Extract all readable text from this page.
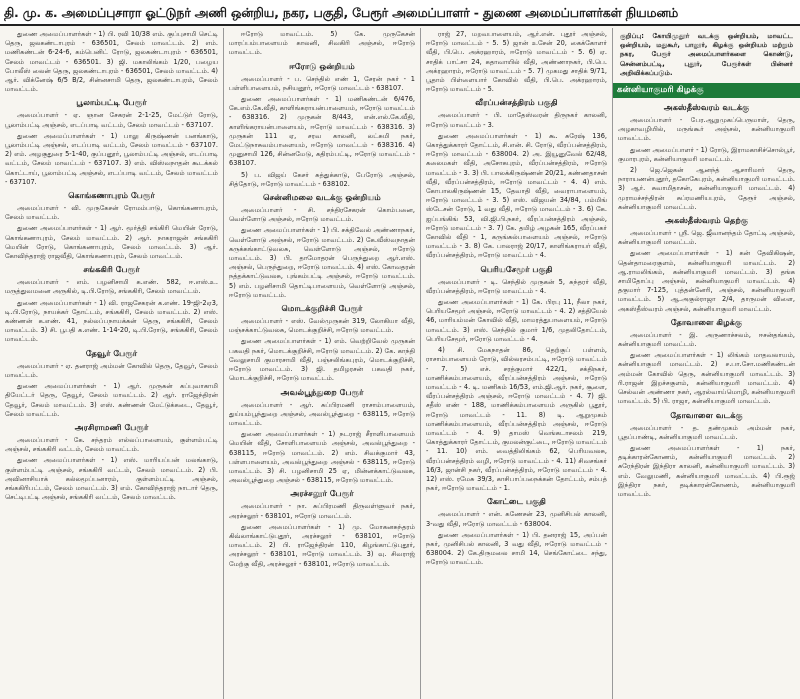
தி. மு. க. அமைப்புசாரா ஓட்டுநர் அணி ஒன்றிய, நகர, பகுதி, பேரூர் அமைப்பாளர் - துணை அமைப்பாளர்கள் நியமனம்
துணை அமைப்பாளர்கள் - 1) பி. ரவி 10/38 எம். குப்புசாமி செட்டி தெரு, ஜலகண்டாபுரம் - 636501, சேலம் மாவட்டம். 2) எம். மணிகண்டன் 6-24-6, கம்பெனிட் ரோடு, ஜலகண்டாபுரம் - 636501, சேலம் மாவட்டம் - 636501. 3) ஜி. மகாலிங்கம் 1/20, பழைய போலீஸ் லைன் தெரு, ஜலகண்டாபுரம் - 636501, சேலம் மாவட்டம். 4) ஆர். விக்னேஷ் 6/5 B/2, சின்னசாமி தெரு, ஜலகண்டாபுரம், சேலம் மாவட்டம்.
பூலாம்பட்டி பேரூர்
அமைப்பாளர் - ஏ. ஞான சேகரன் 2-1-25, மேட்டுர் ரோடு, பூலாம்பட்டி அஞ்சல், எடப்பாடி வட்டம், சேலம் மாவட்டம் - 637107.
துணை அமைப்பாளர்கள் - 1) பாலு கிருஷ்ணன் பனங்காடு, பூலாம்பட்டி அஞ்சல், எடப்பாடி வட்டம், சேலம் மாவட்டம் - 637107. 2) எம். அழகுதுரை 5-1-40, குப்பனூர், பூலாம்பட்டி அஞ்சல், எடப்பாடி வட்டம், சேலம் மாவட்டம் - 637107. 3) எம். விஸ்வநாதன் கூடக்கல் கொட்டாய், பூலாம்பட்டி அஞ்சல், எடப்பாடி வட்டம், சேலம் மாவட்டம் - 637107.
கொங்கணாபுரம் பேரூர்
அமைப்பாளர் - வி. முருகேசன் ரோமம்பாடு, கொங்கணாபுரம், சேலம் மாவட்டம்.
துணை அமைப்பாளர்கள் - 1) ஆர். மூர்த்தி சங்கிரி மெயின் ரோடு, கொங்கணாபுரம், சேலம் மாவட்டம். 2) ஆர். நாகராஜன் சங்ககிரி மெயின் ரோடு, கொங்கணாபுரம், சேலம் மாவட்டம். 3) ஆர். கோவிந்தராஜ் ராஜவீதி, கொங்கணாபுரம், சேலம் மாவட்டம்.
சங்ககிரி பேரூர்
அமைப்பாளர் - எம். பழனிசாமி க.எண். 582, ஈ.எஸ்.உ. மருத்துவமனை அருகில், டி.பி.ரோடு, சங்ககிரி, சேலம் மாவட்டம்.
துணை அமைப்பாளர்கள் - 1) வி. ராஜசேகரன் க.எண். 19-ஜி-2ஏ3, டி.பி.ரோடு, நாயக்கர் தோட்டம், சங்ககிரி, சேலம் மாவட்டம். 2) எஸ். கண்ணன் க.எண். 41, நல்லப்பநாயக்கன் தெரு, சங்ககிரி, சேலம் மாவட்டம். 3) சி. பூபதி க.எண். 1-14-20, டி.பி.ரோடு, சங்ககிரி, சேலம் மாவட்டம்.
தேவூர் பேரூர்
அமைப்பாளர் - ஏ. தனராஜ் அம்மன் கோவில் தெரு, தேவூர், சேலம் மாவட்டம்.
துணை அமைப்பாளர்கள் - 1) ஆர். முருகன் கப்புவாகாமி தியேட்டர் தெரு, தேவூர், சேலம் மாவட்டம். 2) ஆர். ராஜேந்திரன் தேவூர், சேலம் மாவட்டம். 3) எஸ். கண்ணன் மேட்டுக்கடை, தேவூர், சேலம் மாவட்டம்.
அரசிராமணி பேரூர்
அமைப்பாளர் - கே. சந்தரம் எல்லப்பாளையம், குள்ளம்பட்டி அஞ்சல், சங்ககிரி வட்டம், சேலம் மாவட்டம்.
துணை அமைப்பாளர்கள் - 1) எஸ். மாரியப்பன் மலங்காடு, குள்ளம்பட்டி அஞ்சல், சங்ககிரி வட்டம், சேலம் மாவட்டம். 2) பி. அவினாசியாக் கல்லமூப்பனாரம், குள்ளம்பட்டி அஞ்சல், சங்ககிரிபட்டம், சேலம் மாவட்டம். 3) எம். கோவிந்தராஜ் நாடார் தெரு, செட்டிபட்டி அஞ்சல், சங்ககிரி வட்டம், சேலம் மாவட்டம்.
ஈரோடு மாவட்டம். 5) கே. முருகேசன் மாரப்பம்பாளையம் காலனி, சிவகிரி அஞ்சல், ஈரோடு மாவட்டம்.
ஈரோடு ஒன்றியம்
அமைப்பாளர் - ப. செந்தில் எண் 1, சேரன் நகர் - 1 பள்ளிபாளையம், நசியனூர், ஈரோடு மாவட்டம் - 638107.
துணை அமைப்பாளர்கள் - 1) மணிகண்டன் 6/476, கே.எம்.கே.வீதி, காளிங்கராயன்பாளையம், ஈரோடு மாவட்டம் - 638316. 2) முருகன் 8/443, என்.எல்.கே.வீதி, காளிங்கராயன்பாளையம், ஈரோடு மாவட்டம் - 638316. 3) முருகன் 111 ஏ, சரவ காலனி, லட்சுமி நகர், மேட்டுநாசுவம்பாளையம், ஈரோடு மாவட்டம் - 638316. 4) முனுசாமி 126, சின்னமேடு, கதிரம்பட்டி, ஈரோடு மாவட்டம் - 638107.
5) ப. விஜய் கேசர் சுத்துக்காடு, பேரோடு அஞ்சல், சித்தோடு, ஈரோடு மாவட்டம் - 638102.
சென்னிமலை வடக்கு ஒன்றியம்
அமைப்பாளர் - சி. சந்திரசேகரன் கொம்பனை, வெள்ளோடு அஞ்சல், ஈரோடு மாவட்டம்.
துணை அமைப்பாளர்கள் - 1) பி. சக்திவேல் அண்ணாநகர், வெள்ளோடு அஞ்சல், ஈரோடு மாவட்டம். 2) கே.வீஸ்வநாதன் கருக்கங்காட்டுவலசு, வெள்ளோடு அஞ்சல், ஈரோடு மாவட்டம். 3) பி. தாமோதரன் பெருந்துறை ஆர்.எஸ். அஞ்சல், பெருந்துறை, ஈரோடு மாவட்டம். 4) எஸ். கோவதரன் நத்தக்காட்டுவலசு, புங்கம்பட்டி அஞ்சல், ஈரோடு மாவட்டம். 5) எம். பழனிசாமி தொட்டிபாளையம், வெள்ளோடு அஞ்சல், ஈரோடு மாவட்டம்.
மொடக்குறிச்சி பேரூர்
அமைப்பாளர் - எஸ். வேல்முருகன் 319, லோகியா வீதி, மஞ்சக்காட்டுவலசு, மொடக்குறிச்சி, ஈரோடு மாவட்டம்.
துணை அமைப்பாளர்கள் - 1) எம். வெற்றிவேல் முருகன் பகவதி நகர், மொடக்குறிச்சி, ஈரோடு மாவட்டம். 2) கே. காந்தி வேலுசாமி குமாரசாமி வீதி, பஞ்சலிங்கபுரம், மொடக்குறிச்சி, ஈரோடு மாவட்டம். 3) ஜி. தமிழரசன் பகவதி நகர், மொடக்குறிச்சி, ஈரோடு மாவட்டம்.
அவல்பூந்துறை பேரூர்
அமைப்பாளர் - ஆர். சுப்பிரமணி ராசாம்பாளையம், துய்யம்பூந்துறை அஞ்சல், அவல்பூந்துறை - 638115, ஈரோடு மாவட்டம்.
துணை அமைப்பாளர்கள் - 1) நடராஜ் சீராளிபாளையம் மெயின் வீதி, சோளிபாளையம் அஞ்சல், அவல்பூந்துறை - 638115, ஈரோடு மாவட்டம். 2) எம். சிவக்குமார் 43, பள்ளபாளையம், அவல்பூந்துறை அஞ்சல் - 638115, ஈரோடு மாவட்டம். 3) சி. பழனிசாமி 25 ஏ, மின்னக்காட்டுவலசு, அவல்பூந்துறை அஞ்சல் - 638115, ஈரோடு மாவட்டம்.
அரச்சலூர் பேரூர்
அமைப்பாளர் - நா. சுப்பிரமணி திருவள்ளுவர் நகர், அரச்சலூர் - 638101, ஈரோடு மாவட்டம்.
துணை அமைப்பாளர்கள் - 1) மு. மோகனசுந்தரம் கிவ்லாங்காட்டுபுதூர், அரச்சலூர் - 638101, ஈரோடு மாவட்டம். 2) பி. ராஜேந்திரன் 110, கிழங்காட்டுபுதூர், அரச்சலூர் - 638101, ஈரோடு மாவட்டம். 3) வு. சிவராஜ் மேற்கு வீதி, அரச்சலூர் - 638101, ஈரோடு மாவட்டம்.
ராஜ் 27, மறவபாளையம், ஆர்.என். புதூர் அஞ்சல், ஈரோடு மாவட்டம் - 5. 5) ஜான் உசேன் 20, கைக்கோளர் வீதி, பி.பெ. அக்ரஹாரம், ஈரோடு மாவட்டம் - 5. 6) ஏ. சாதிக் பாட்சா 24, கதாவாயில் வீதி, அண்ணாநகர், பி.பெ. அக்ரஹாரம், ஈரோடு மாவட்டம் - 5. 7) முகமது சாதிக் 9/71, பூதாம் பிள்ளையார் கோவில் வீதி, பி.பெ. அக்ரஹாரம், ஈரோடு மாவட்டம் - 5.
வீரப்பன்சத்திரம் பகுதி
அமைப்பாளர் - பி. மாதேஸ்வரன் திருநகர் காலனி, ஈரோடு மாவட்டம் - 3.
துணை அமைப்பாளர்கள் - 1) கூ. சுரேஷ் 136, கொத்துக்காரர் தோட்டம், சி.என். சி. ரோடு, வீரப்பன்சத்திரம், ஈரோடு மாவட்டம் - 638004. 2) அ. இயூனுவேல் 62/48, கலைமகள் வீதி, அசோகபுரம், வீரப்பன்சத்திரம், ஈரோடு மாவட்டம் - 3. 3) பி. பாலக்கிருஷ்ணன் 20/21, கண்ணதாசன் வீதி, வீரப்பன்சத்திரம், ஈரோடு மாவட்டம் - 4. 4) எம். கோபாலகிருஷ்ணன் 15, தேவாதி வீதி, வைராபாளையம், ஈரோடு மாவட்டம் - 3. 5) எஸ். விஜயன் 34/84, பம்மிங் ஸ்டேசன் ரோடு, 1 வது வீதி, ஈரோடு மாவட்டம் - 3. 6) கே. ஐப்பங்கிங் 53, வி.ஜி.பி.நகர், வீரப்பன்சத்திரம் அஞ்சல், ஈரோடு மாவட்டம் - 3. 7) கே. தமிழ் அழகன் 165, வீரப்பகர் கோவில் வீதி - 1, கருங்கல்பாளையம் அஞ்சல், ஈரோடு மாவட்டம் - 3. 8) கே. பாலராஜ் 20/17, காளிங்கராயர் வீதி, வீரப்பன்சத்திரம், ஈரோடு மாவட்டம் - 4.
பெரியசேமூர் பகுதி
அமைப்பாளர் - டி. செந்தில் முருகன் 5, சுந்தரர் வீதி, வீரப்பன்சத்திரம், ஈரோடு மாவட்டம் - 4.
துணை அமைப்பாளர்கள் - 1) கே. பிரபு 11, நீலா நகர், பெரியசேமூர் அஞ்சல், ஈரோடு மாவட்டம் - 4. 2) சத்தியேல் 46, மாரியம்மன் கோவில் வீதி, மாமரத்துபாளையம், ஈரோடு மாவட்டம். 3) எஸ். செந்தில் குமார் 1/6, முதலிதோட்டம், பெரியசேமூர், ஈரோடு மாவட்டம் - 4.
4) சி. மேகநாதன் 86, தெற்குப் பள்ளம், ராசாம்பாளையம் ரோடு, வில்லரசம்பட்டி, ஈரோடு மாவட்டம் - 7. 5) எச். சரத்குமார் 422/1, சக்திநகர், மாணிக்கம்பாளையம், வீரப்பன்சத்திரம் அஞ்சல், ஈரோடு மாவட்டம் - 4. டி. மணிகம் 16/53, எம்.ஜி.ஆர். நகர், சூளை, வீரப்பன்சத்திரம் அஞ்சல், ஈரோடு மாவட்டம் - 4. 7) ஜி. சதீஸ் எண் - 188, மாணிக்கம்பாளையம் அருகில் பூதூர், ஈரோடு மாவட்டம் - 11. 8) டி. ஆறுமுகம் மாணிக்கம்பாளையம், வீரப்பன்சத்திரம் அஞ்சல், ஈரோடு மாவட்டம் - 4. 9) தாமஸ் வெங்கடாசலம் 219, கொத்துக்காரர் தோட்டம், குமலன்குட்டை, ஈரோடு மாவட்டம் - 11. 10) எம். வைத்திலிங்கம் 62, பெரியவலசு, வீரப்பன்சத்திரம் வழி, ஈரோடு மாவட்டம் - 4. 11) சிவசங்கர் 16/3, ஜான்சி நகர், வீரப்பன்சத்திரம், ஈரோடு மாவட்டம் - 4. 12) எஸ். ரமேசு 39/3, காசிபாப்பநைக்கன் தோட்டம், சம்பத் நகர், ஈரோடு மாவட்டம் - 1.
கோட்டை பகுதி
அமைப்பாளர் - என். கணேசன் 23, முனிசிபல் காலனி, 3-வது வீதி, ஈரோடு மாவட்டம் - 638004.
துணை அமைப்பாளர்கள் - 1) பி. தனராஜ் 15, அப்பன் நகர், முனிசிபல் காலனி, 3 வது வீதி, ஈரோடு மாவட்டம் - 638004. 2) கே.திருமலை சாமி 14, செங்கோட்டை சந்து, ஈரோடு மாவட்டம்.
குறிப்பு: கோயிமுதூர் வடக்கு ஒன்றியம், மாவட்ட ஒன்றியம், மதுகூர், பாலூர், கிழக்கு ஒன்றியம் மற்றும் நகர, பேரூர் அமைப்பாளர்களை கொண்டு, சென்னம்பட்டி, புதூர், பேரூர்கள் பின்னர் அறிவிக்கப்படும்.
கன்னியாகுமரி கிழக்கு
அகஸ்தீஸ்வரம் வடக்கு
அமைப்பாளர் - பேர.ஆறுமுகப்பெருமாள், தெரு, அழகாவழியில், மருங்கூர் அஞ்சல், கன்னியாகுமரி மாவட்டம்.
துணை அமைப்பாளர் - 1) ரோடு, இராமகாசிச்சொல்பூர், குமாரபுரம், கன்னியாகுமரி மாவட்டம்.
2) ஜெ.ஜெகன் ஆனந்த் ஆசாரிமார் தெரு, நாராயணன்புதூர், தகோகேபுரம், கன்னியாகுமரி மாவட்டம். 3) ஆர். சுவாமிதாசன், கன்னியாகுமரி மாவட்டம். 4) முராமச்சந்திரன் சுப்ரமணியபுரம், தேரூர் அஞ்சல், கன்னியாகுமரி மாவட்டம்.
அகஸ்தீஸ்வரம் தெற்கு
அமைப்பாளர் - ஸ்ரீ. ஜெ. ஜீவானந்தம் தோட்டி அஞ்சல், கன்னியாகுமரி மாவட்டம்.
துணை அமைப்பாளர்கள் - 1) கன் தேவிகிஷன், தென்தாமரைகுளம், கன்னியாகுமரி மாவட்டம். 2) ஆ.ராமலிங்கம், கன்னியாகுமரி மாவட்டம். 3) தங்க சாமிதோப்பு அஞ்சல், கன்னியாகுமரி மாவட்டம். 4) தகுமார் 7-125, புத்தன்னேரி, அஞ்சல், கன்னியாகுமரி மாவட்டம். 5) ஆ.அகுல்ராஜா 2/4, தாருமன் விளை, அகஸ்தீஸ்வரம் அஞ்சல், கன்னியாகுமரி மாவட்டம்.
தோவாளை கிழக்கு
அமைப்பாளர் - இ. அருணாச்சலம், ஈசன்தங்கம், கன்னியாகுமரி மாவட்டம்.
துணை அமைப்பாளர்கள் - 1) லிங்கம் மாதவலாயம், கன்னியாகுமரி மாவட்டம். 2) ச.பா.சோ.மணிகண்டன் அம்மன் கோவில் தெரு, கன்னியாகுமரி மாவட்டம். 3) ரி.ராஜன் இறச்சகுளம், கன்னியாகுமரி மாவட்டம். 4) செல்வன் அண்ணா நகர், ஆரல்வாய்மொழி, கன்னியாகுமரி மாவட்டம். 5) பி. ராஜா, கன்னியாகுமரி மாவட்டம்.
தோவாளை வடக்கு
அமைப்பாளர் - த. தண்முகம் அம்மன் நகர், பூதப்பாண்டி, கன்னியாகுமரி மாவட்டம்.
துணை அமைப்பாளர்கள் - 1) நகர், தடிக்காரன்கோணம், கன்னியாகுமரி மாவட்டம். 2) சுரேந்திரன் இந்திரா காலனி, கன்னியாகுமரி மாவட்டம். 3) எம். வேலுமணி, கன்னியாகுமரி மாவட்டம். 4) பி.ரூஜ் இந்திரா நகர், தடிக்காரன்கோணம், கன்னியாகுமரி மாவட்டம்.
